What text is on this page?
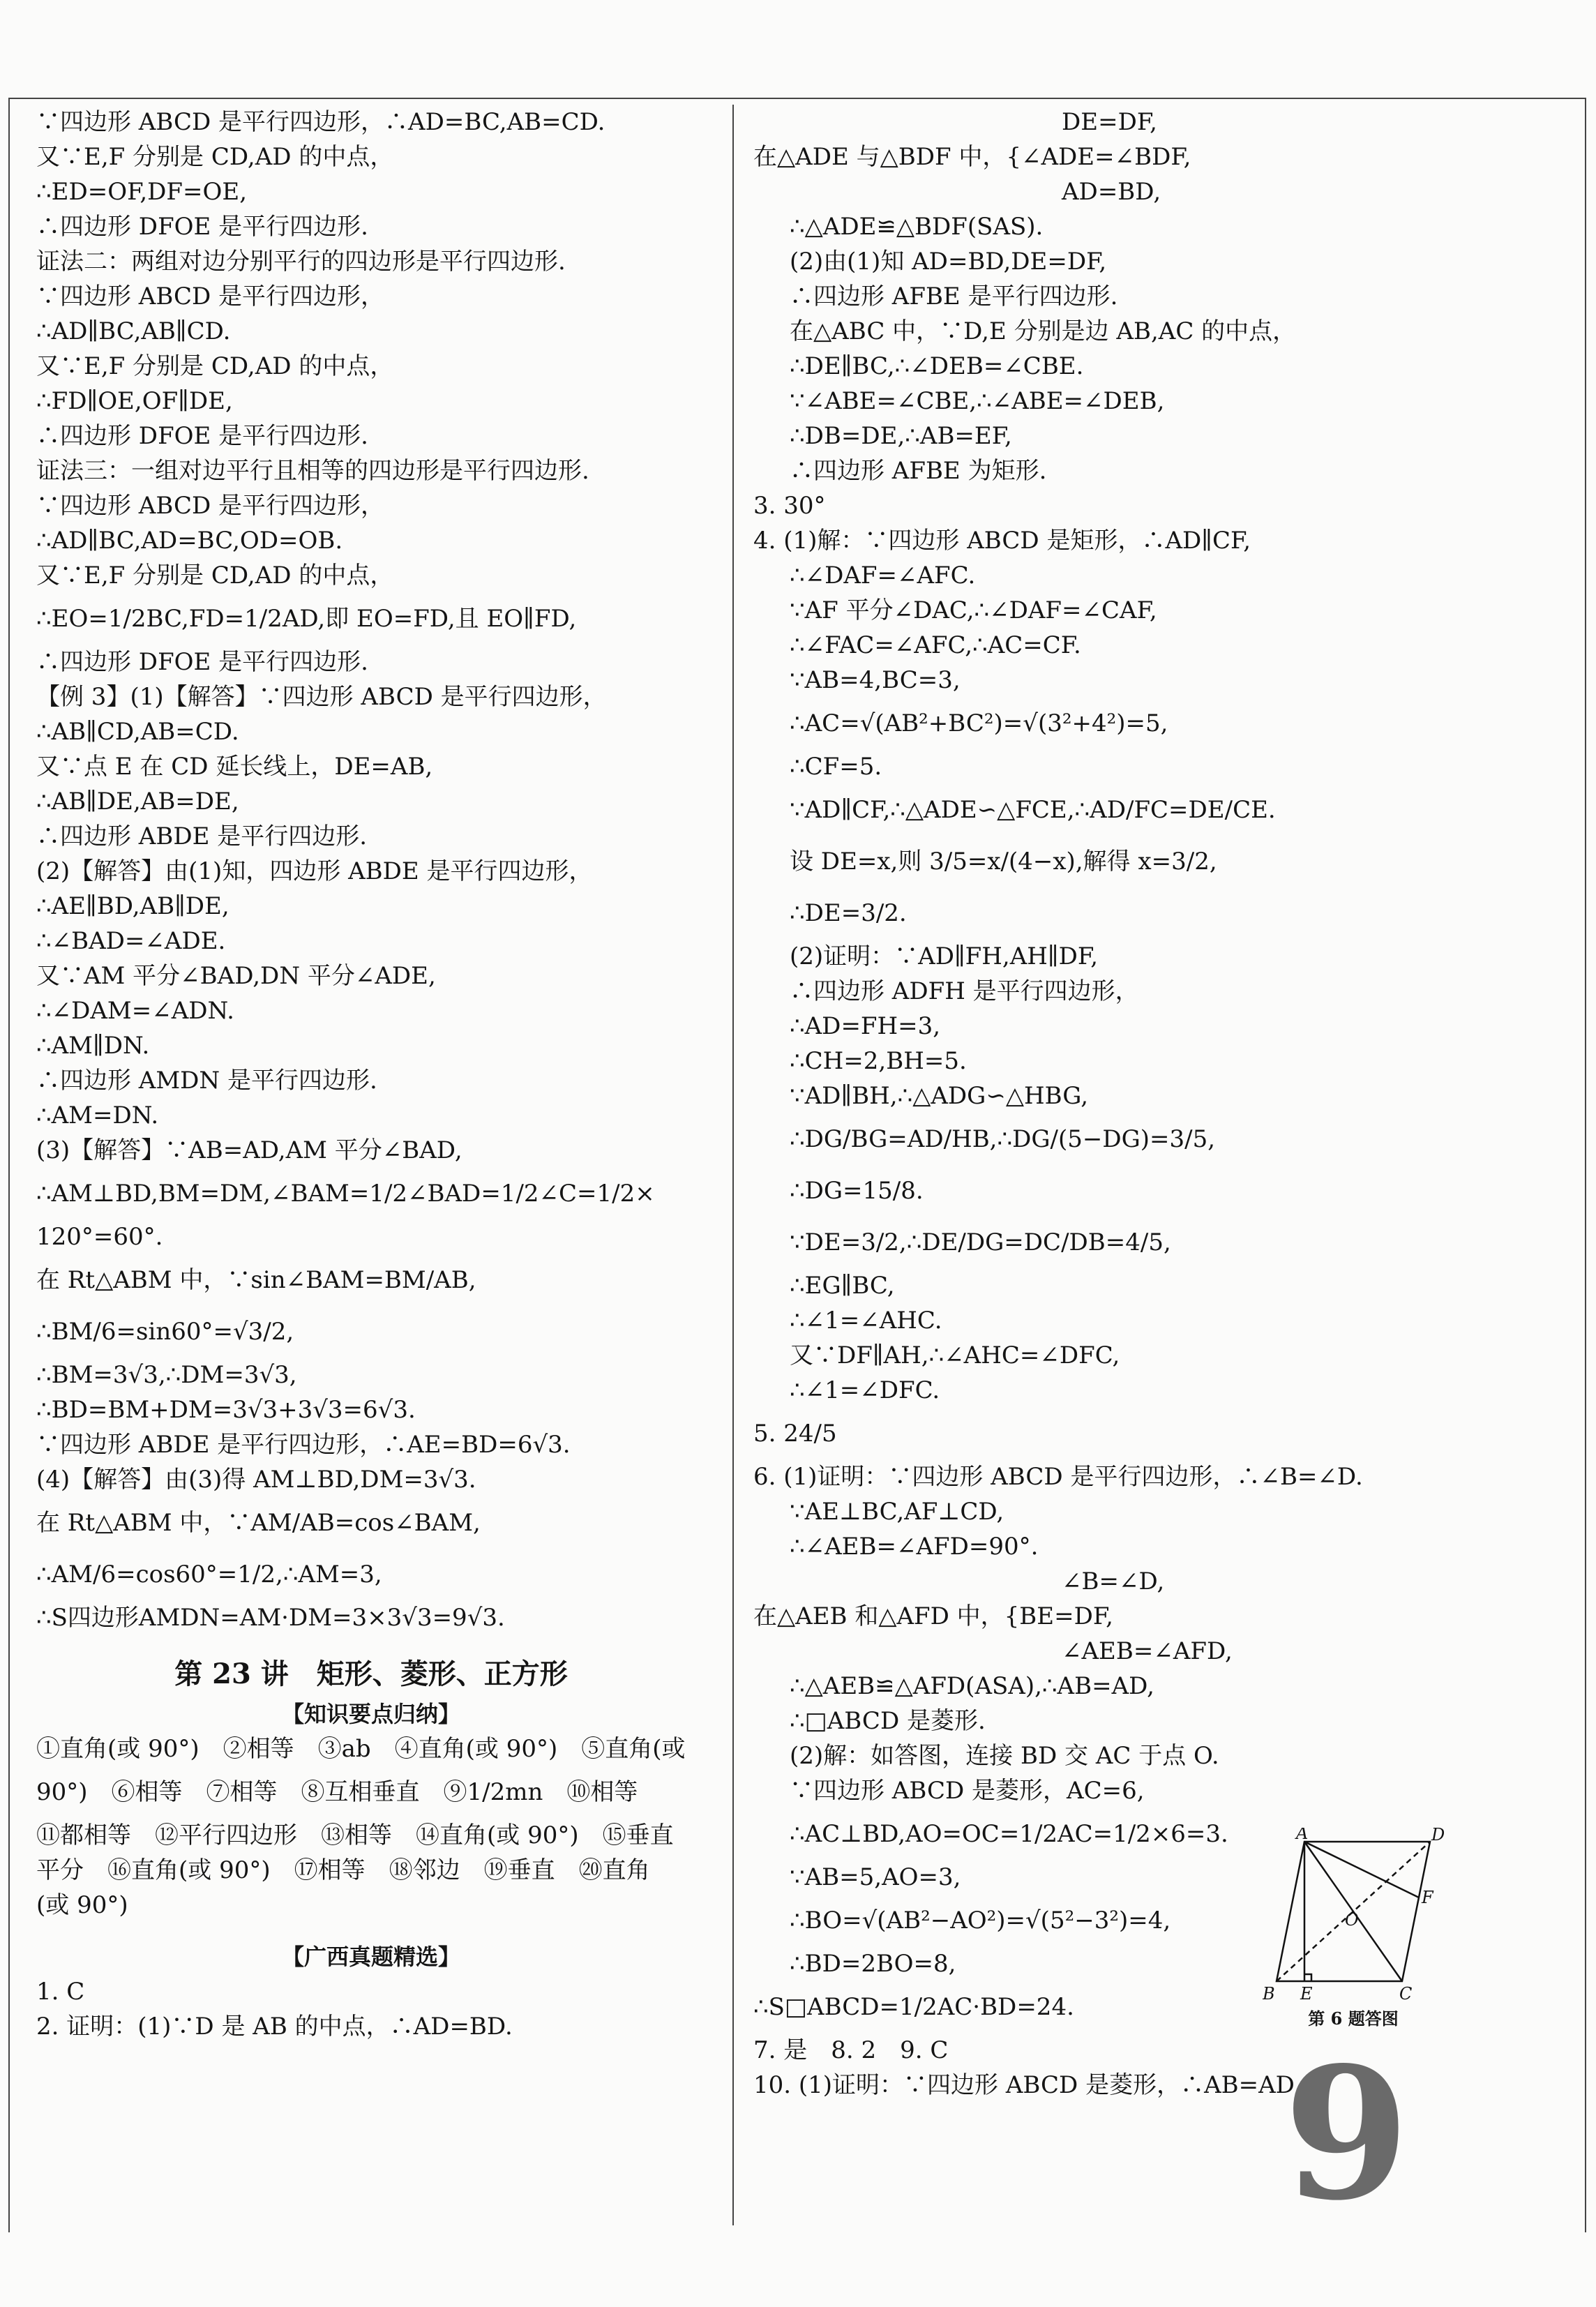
∵四边形 ABCD 是平行四边形，∴AD=BC,AB=CD.
又∵E,F 分别是 CD,AD 的中点，
∴ED=OF,DF=OE,
∴四边形 DFOE 是平行四边形.
证法二：两组对边分别平行的四边形是平行四边形.
∵四边形 ABCD 是平行四边形，
∴AD∥BC,AB∥CD.
又∵E,F 分别是 CD,AD 的中点，
∴FD∥OE,OF∥DE,
∴四边形 DFOE 是平行四边形.
证法三：一组对边平行且相等的四边形是平行四边形.
∵四边形 ABCD 是平行四边形，
∴AD∥BC,AD=BC,OD=OB.
又∵E,F 分别是 CD,AD 的中点，
∴EO=1/2BC,FD=1/2AD,即 EO=FD,且 EO∥FD,
∴四边形 DFOE 是平行四边形.
【例 3】(1)【解答】∵四边形 ABCD 是平行四边形，
∴AB∥CD,AB=CD.
又∵点 E 在 CD 延长线上，DE=AB,
∴AB∥DE,AB=DE,
∴四边形 ABDE 是平行四边形.
(2)【解答】由(1)知，四边形 ABDE 是平行四边形，
∴AE∥BD,AB∥DE,
∴∠BAD=∠ADE.
又∵AM 平分∠BAD,DN 平分∠ADE,
∴∠DAM=∠ADN.
∴AM∥DN.
∴四边形 AMDN 是平行四边形.
∴AM=DN.
(3)【解答】∵AB=AD,AM 平分∠BAD,
∴AM⊥BD,BM=DM,∠BAM=1/2∠BAD=1/2∠C=1/2×
120°=60°.
在 Rt△ABM 中，∵sin∠BAM=BM/AB,
∴BM/6=sin60°=√3/2,
∴BM=3√3,∴DM=3√3,
∴BD=BM+DM=3√3+3√3=6√3.
∵四边形 ABDE 是平行四边形，∴AE=BD=6√3.
(4)【解答】由(3)得 AM⊥BD,DM=3√3.
在 Rt△ABM 中，∵AM/AB=cos∠BAM,
∴AM/6=cos60°=1/2,∴AM=3,
∴S四边形AMDN=AM·DM=3×3√3=9√3.
第 23 讲　矩形、菱形、正方形
【知识要点归纳】
①直角(或 90°)　②相等　③ab　④直角(或 90°)　⑤直角(或
90°)　⑥相等　⑦相等　⑧互相垂直　⑨1/2mn　⑩相等
⑪都相等　⑫平行四边形　⑬相等　⑭直角(或 90°)　⑮垂直
平分　⑯直角(或 90°)　⑰相等　⑱邻边　⑲垂直　⑳直角
(或 90°)
【广西真题精选】
1. C
2. 证明：(1)∵D 是 AB 的中点，∴AD=BD.
　　　　　　　　　　　　　DE=DF,
在△ADE 与△BDF 中，{∠ADE=∠BDF,
　　　　　　　　　　　　　AD=BD,
∴△ADE≌△BDF(SAS).
(2)由(1)知 AD=BD,DE=DF,
∴四边形 AFBE 是平行四边形.
在△ABC 中，∵D,E 分别是边 AB,AC 的中点，
∴DE∥BC,∴∠DEB=∠CBE.
∵∠ABE=∠CBE,∴∠ABE=∠DEB,
∴DB=DE,∴AB=EF,
∴四边形 AFBE 为矩形.
3. 30°
4. (1)解：∵四边形 ABCD 是矩形，∴AD∥CF,
∴∠DAF=∠AFC.
∵AF 平分∠DAC,∴∠DAF=∠CAF,
∴∠FAC=∠AFC,∴AC=CF.
∵AB=4,BC=3,
∴AC=√(AB²+BC²)=√(3²+4²)=5,
∴CF=5.
∵AD∥CF,∴△ADE∽△FCE,∴AD/FC=DE/CE.
设 DE=x,则 3/5=x/(4−x),解得 x=3/2,
∴DE=3/2.
(2)证明：∵AD∥FH,AH∥DF,
∴四边形 ADFH 是平行四边形，
∴AD=FH=3,
∴CH=2,BH=5.
∵AD∥BH,∴△ADG∽△HBG,
∴DG/BG=AD/HB,∴DG/(5−DG)=3/5,
∴DG=15/8.
∵DE=3/2,∴DE/DG=DC/DB=4/5,
∴EG∥BC,
∴∠1=∠AHC.
又∵DF∥AH,∴∠AHC=∠DFC,
∴∠1=∠DFC.
5. 24/5
6. (1)证明：∵四边形 ABCD 是平行四边形，∴∠B=∠D.
∵AE⊥BC,AF⊥CD,
∴∠AEB=∠AFD=90°.
　　　　　　　　　　　　　∠B=∠D,
在△AEB 和△AFD 中，{BE=DF,
　　　　　　　　　　　　　∠AEB=∠AFD,
∴△AEB≌△AFD(ASA),∴AB=AD,
∴□ABCD 是菱形.
(2)解：如答图，连接 BD 交 AC 于点 O.
∵四边形 ABCD 是菱形，AC=6,
∴AC⊥BD,AO=OC=1/2AC=1/2×6=3.
∵AB=5,AO=3,
∴BO=√(AB²−AO²)=√(5²−3²)=4,
∴BD=2BO=8,
∴S□ABCD=1/2AC·BD=24.
7. 是　8. 2　9. C
10. (1)证明：∵四边形 ABCD 是菱形，∴AB=AD.
A	D
F
O
B E	C
第 6 题答图
9
